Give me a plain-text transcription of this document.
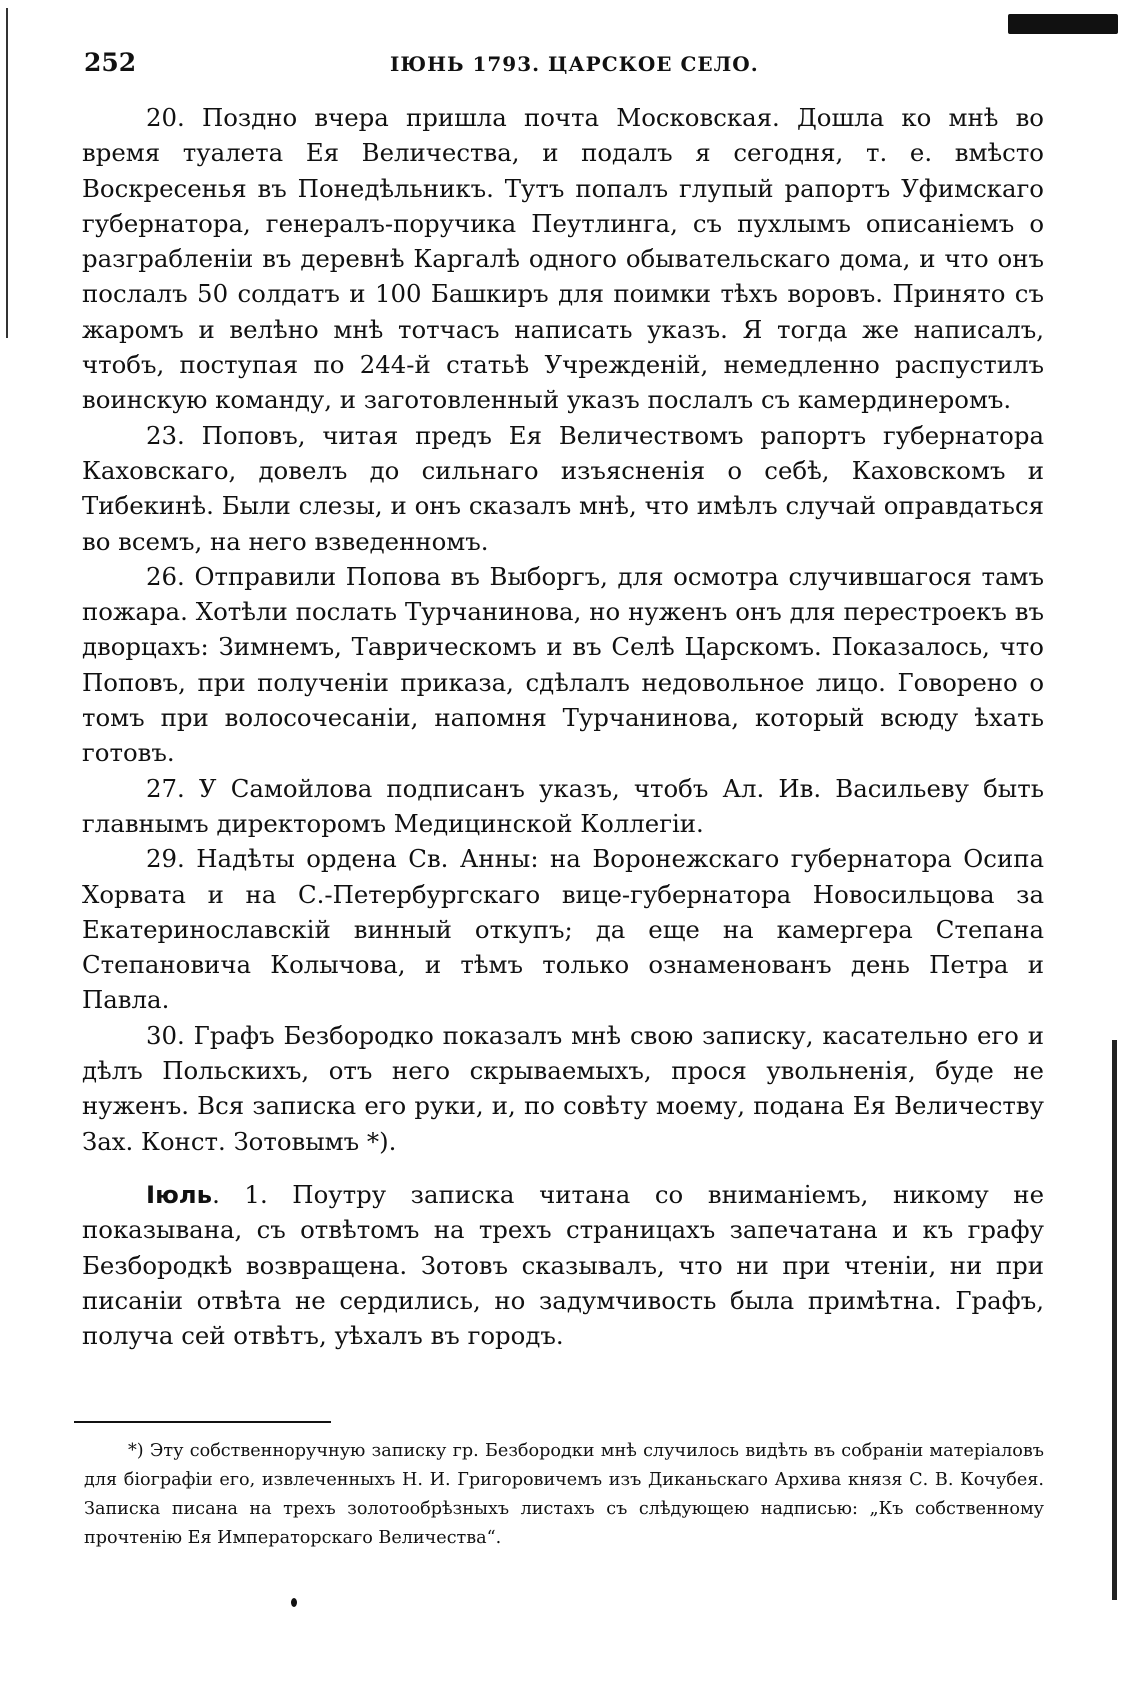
252	ІЮНЬ 1793. ЦАРСКОЕ СЕЛО.

20. Поздно вчера пришла почта Московская. Дошла ко мнѣ во время туалета Ея Величества, и подалъ я сегодня, т. е. вмѣсто Воскресенья въ Понедѣльникъ. Тутъ попалъ глупый рапортъ Уфимскаго губернатора, генералъ-поручика Пеутлинга, съ пухлымъ описаніемъ о разграбленіи въ деревнѣ Каргалѣ одного обывательскаго дома, и что онъ послалъ 50 солдатъ и 100 Башкиръ для поимки тѣхъ воровъ. Принято съ жаромъ и велѣно мнѣ тотчасъ написать указъ. Я тогда же написалъ, чтобъ, поступая по 244-й статьѣ Учрежденій, немедленно распустилъ воинскую команду, и заготовленный указъ послалъ съ камердинеромъ.

23. Поповъ, читая предъ Ея Величествомъ рапортъ губернатора Каховскаго, довелъ до сильнаго изъясненія о себѣ, Каховскомъ и Тибекинѣ. Были слезы, и онъ сказалъ мнѣ, что имѣлъ случай оправдаться во всемъ, на него взведенномъ.

26. Отправили Попова въ Выборгъ, для осмотра случившагося тамъ пожара. Хотѣли послать Турчанинова, но нуженъ онъ для перестроекъ въ дворцахъ: Зимнемъ, Таврическомъ и въ Селѣ Царскомъ. Показалось, что Поповъ, при полученіи приказа, сдѣлалъ недовольное лицо. Говорено о томъ при волосочесаніи, напомня Турчанинова, который всюду ѣхать готовъ.

27. У Самойлова подписанъ указъ, чтобъ Ал. Ив. Васильеву быть главнымъ директоромъ Медицинской Коллегіи.

29. Надѣты ордена Св. Анны: на Воронежскаго губернатора Осипа Хорвата и на С.-Петербургскаго вице-губернатора Новосильцова за Екатеринославскій винный откупъ; да еще на камергера Степана Степановича Колычова, и тѣмъ только ознаменованъ день Петра и Павла.

30. Графъ Безбородко показалъ мнѣ свою записку, касательно его и дѣлъ Польскихъ, отъ него скрываемыхъ, прося увольненія, буде не нуженъ. Вся записка его руки, и, по совѣту моему, подана Ея Величеству Зах. Конст. Зотовымъ *).

Іюль. 1. Поутру записка читана со вниманіемъ, никому не показывана, съ отвѣтомъ на трехъ страницахъ запечатана и къ графу Безбородкѣ возвращена. Зотовъ сказывалъ, что ни при чтеніи, ни при писаніи отвѣта не сердились, но задумчивость была примѣтна. Графъ, получа сей отвѣтъ, уѣхалъ въ городъ.

*) Эту собственноручную записку гр. Безбородки мнѣ случилось видѣть въ собраніи матеріаловъ для біографіи его, извлеченныхъ Н. И. Григоровичемъ изъ Диканьскаго Архива князя С. В. Кочубея. Записка писана на трехъ золотообрѣзныхъ листахъ съ слѣдующею надписью: „Къ собственному прочтенію Ея Императорскаго Величества“.
